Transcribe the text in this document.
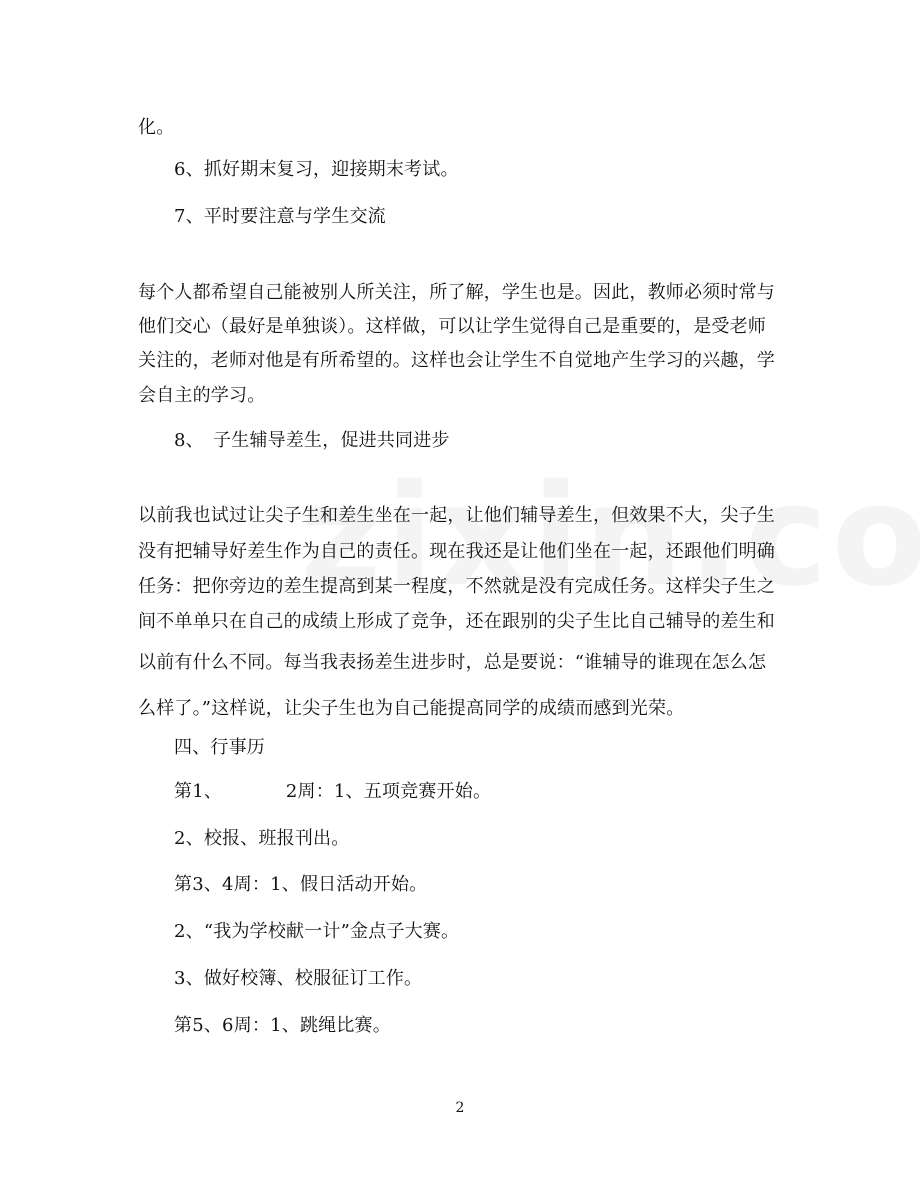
化。
6、抓好期末复习，迎接期末考试。
7、平时要注意与学生交流
每个人都希望自己能被别人所关注，所了解，学生也是。因此，教师必须时常与
他们交心（最好是单独谈）。这样做，可以让学生觉得自己是重要的，是受老师
关注的，老师对他是有所希望的。这样也会让学生不自觉地产生学习的兴趣，学
会自主的学习。
8、　子生辅导差生，促进共同进步
以前我也试过让尖子生和差生坐在一起，让他们辅导差生，但效果不大，尖子生
没有把辅导好差生作为自己的责任。现在我还是让他们坐在一起，还跟他们明确
任务：把你旁边的差生提高到某一程度，不然就是没有完成任务。这样尖子生之
间不单单只在自己的成绩上形成了竞争，还在跟别的尖子生比自己辅导的差生和
以前有什么不同。每当我表扬差生进步时，总是要说：“谁辅导的谁现在怎么怎
么样了。”这样说，让尖子生也为自己能提高同学的成绩而感到光荣。
四、行事历
第1、　　　　2周：1、五项竞赛开始。
2、校报、班报刊出。
第3、4周：1、假日活动开始。
2、“我为学校献一计”金点子大赛。
3、做好校簿、校服征订工作。
第5、6周：1、跳绳比赛。
2
